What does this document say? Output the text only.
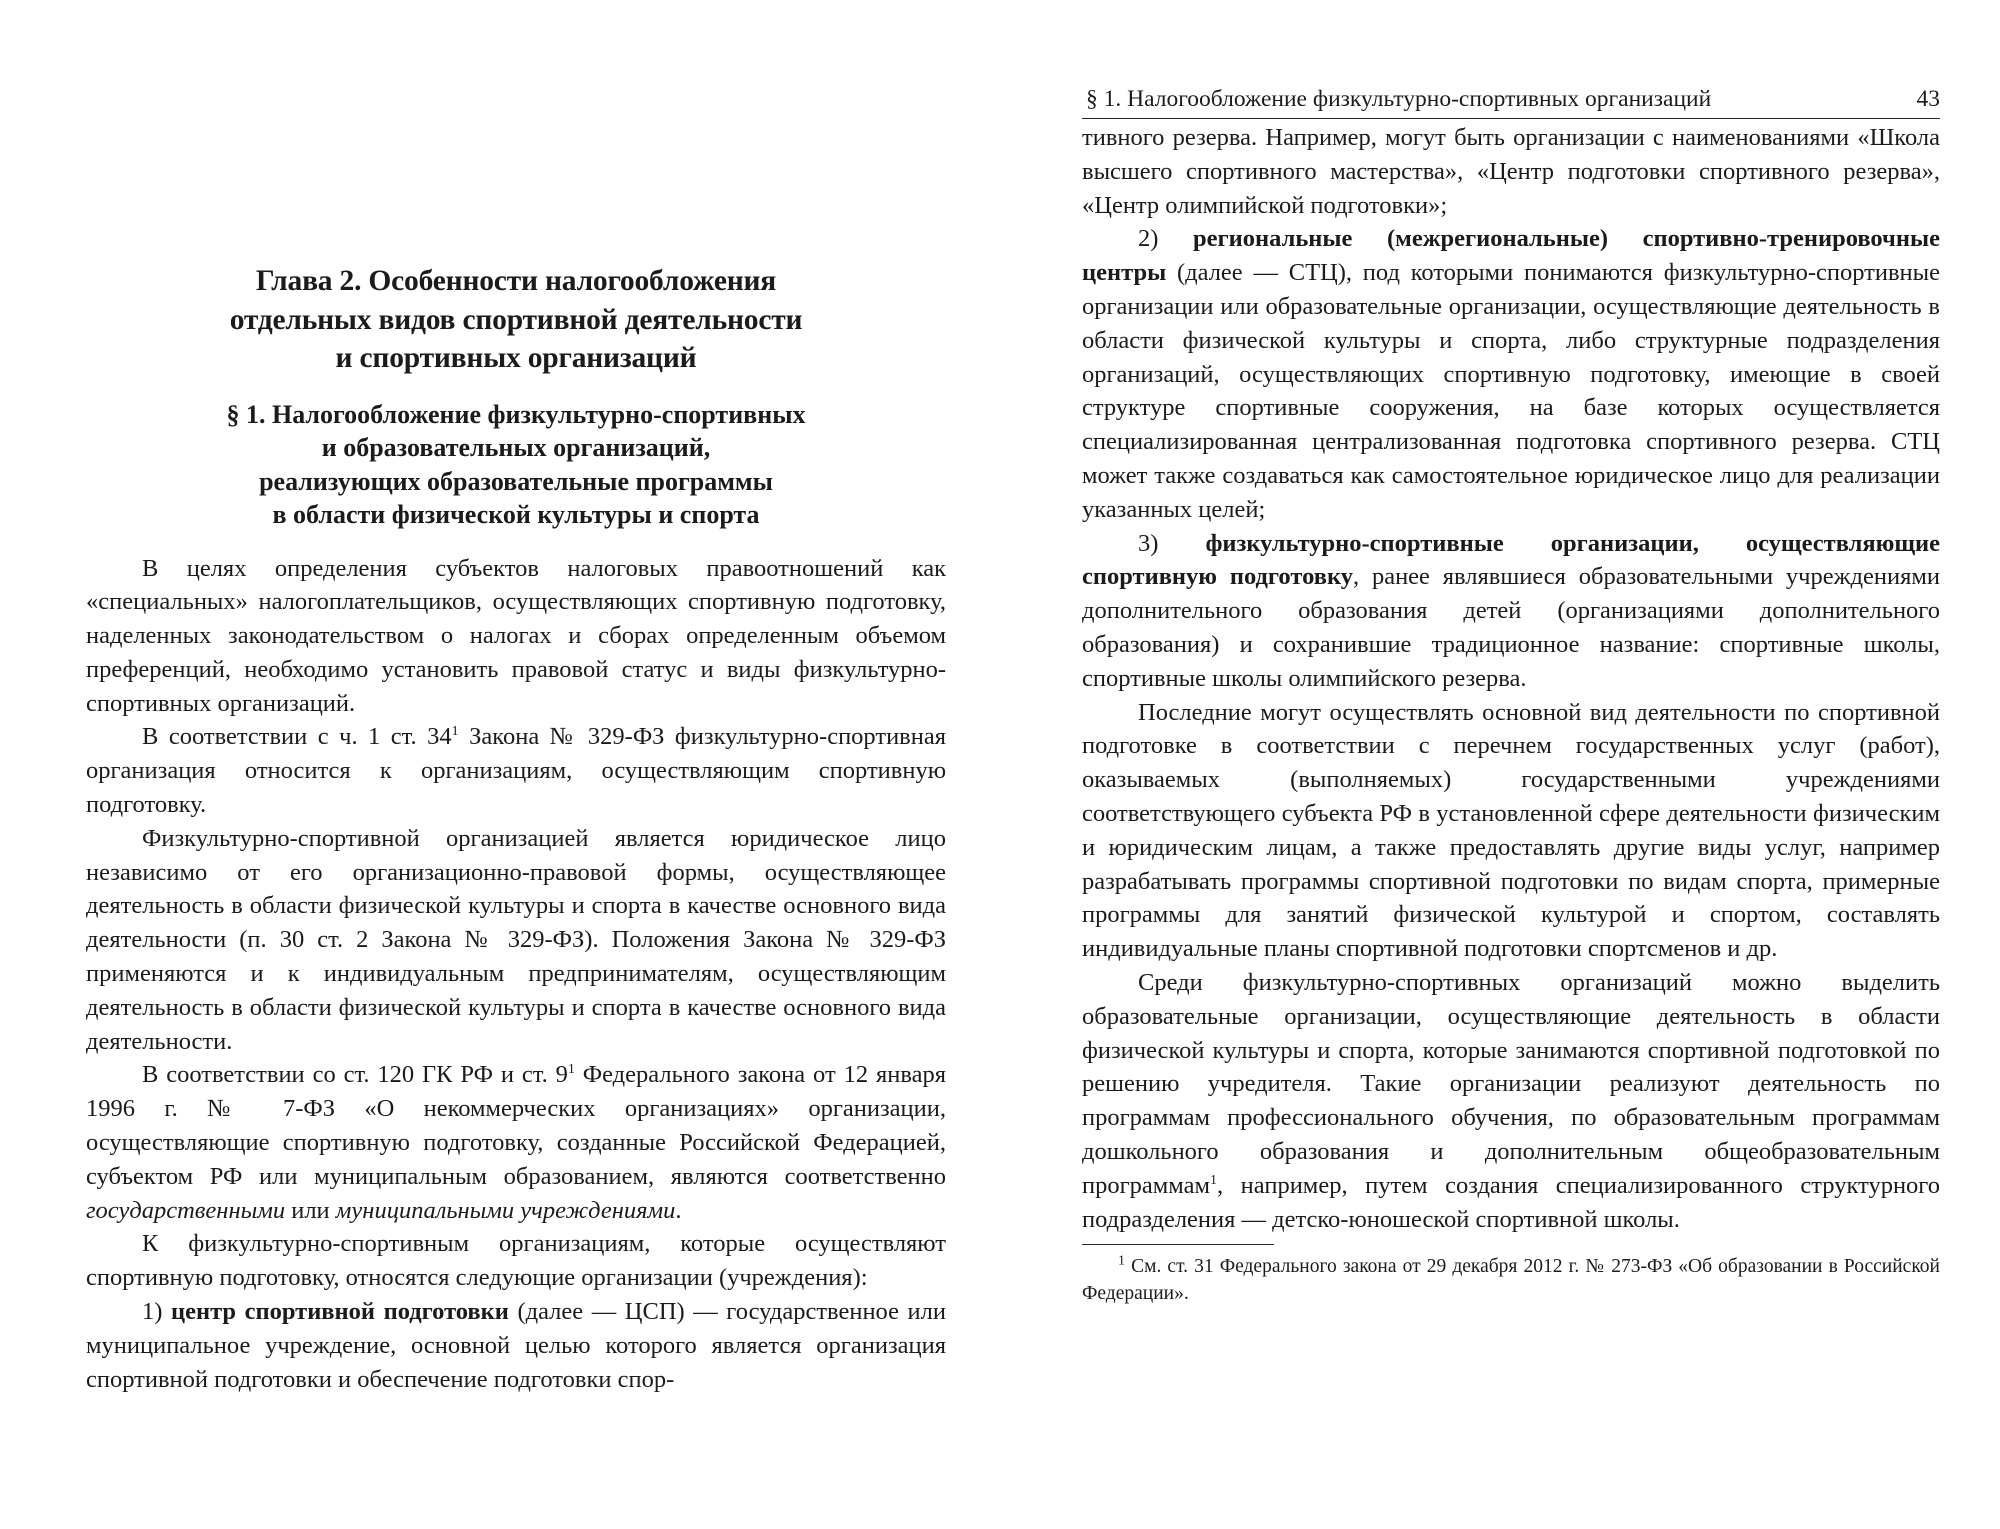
Глава 2. Особенности налогообложения
отдельных видов спортивной деятельности
и спортивных организаций
§ 1. Налогообложение физкультурно-спортивных
и образовательных организаций,
реализующих образовательные программы
в области физической культуры и спорта

В целях определения субъектов налоговых правоотношений как «специальных» налогоплательщиков, осуществляющих спортивную подготовку, наделенных законодательством о налогах и сборах определенным объемом преференций, необходимо установить правовой статус и виды физкультурно-спортивных организаций.

В соответствии с ч. 1 ст. $34^1$ Закона № 329-ФЗ физкультурно-спортивная организация относится к организациям, осуществляющим спортивную подготовку.

Физкультурно-спортивной организацией является юридическое лицо независимо от его организационно-правовой формы, осуществляющее деятельность в области физической культуры и спорта в качестве основного вида деятельности (п. 30 ст. 2 Закона № 329-ФЗ). Положения Закона № 329-ФЗ применяются и к индивидуальным предпринимателям, осуществляющим деятельность в области физической культуры и спорта в качестве основного вида деятельности.

В соответствии со ст. 120 ГК РФ и ст. $9^1$ Федерального закона от 12 января 1996 г. № 7-ФЗ «О некоммерческих организациях» организации, осуществляющие спортивную подготовку, созданные Российской Федерацией, субъектом РФ или муниципальным образованием, являются соответственно государственными или муниципальными учреждениями.

К физкультурно-спортивным организациям, которые осуществляют спортивную подготовку, относятся следующие организации (учреждения):

1) центр спортивной подготовки (далее — ЦСП) — государственное или муниципальное учреждение, основной целью которого является организация спортивной подготовки и обеспечение подготовки спор-

§ 1. Налогообложение физкультурно-спортивных организаций	43

тивного резерва. Например, могут быть организации с наименованиями «Школа высшего спортивного мастерства», «Центр подготовки спортивного резерва», «Центр олимпийской подготовки»;

2) региональные (межрегиональные) спортивно-тренировочные центры (далее — СТЦ), под которыми понимаются физкультурно-спортивные организации или образовательные организации, осуществляющие деятельность в области физической культуры и спорта, либо структурные подразделения организаций, осуществляющих спортивную подготовку, имеющие в своей структуре спортивные сооружения, на базе которых осуществляется специализированная централизованная подготовка спортивного резерва. СТЦ может также создаваться как самостоятельное юридическое лицо для реализации указанных целей;

3) физкультурно-спортивные организации, осуществляющие спортивную подготовку, ранее являвшиеся образовательными учреждениями дополнительного образования детей (организациями дополнительного образования) и сохранившие традиционное название: спортивные школы, спортивные школы олимпийского резерва.

Последние могут осуществлять основной вид деятельности по спортивной подготовке в соответствии с перечнем государственных услуг (работ), оказываемых (выполняемых) государственными учреждениями соответствующего субъекта РФ в установленной сфере деятельности физическим и юридическим лицам, а также предоставлять другие виды услуг, например разрабатывать программы спортивной подготовки по видам спорта, примерные программы для занятий физической культурой и спортом, составлять индивидуальные планы спортивной подготовки спортсменов и др.

Среди физкультурно-спортивных организаций можно выделить образовательные организации, осуществляющие деятельность в области физической культуры и спорта, которые занимаются спортивной подготовкой по решению учредителя. Такие организации реализуют деятельность по программам профессионального обучения, по образовательным программам дошкольного образования и дополнительным общеобразовательным программам$^1$, например, путем создания специализированного структурного подразделения — детско-юношеской спортивной школы.

$^1$ См. ст. 31 Федерального закона от 29 декабря 2012 г. № 273-ФЗ «Об образовании в Российской Федерации».
